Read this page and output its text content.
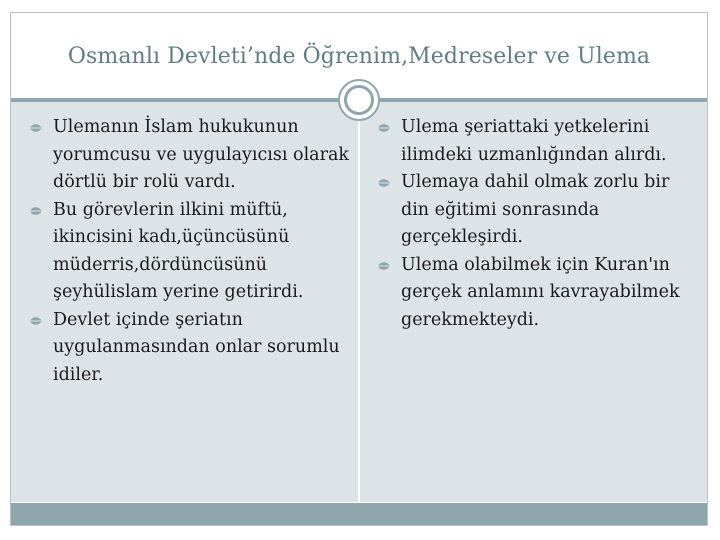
Osmanlı Devleti’nde Öğrenim,Medreseler ve Ulema
Ulemanın İslam hukukunun yorumcusu ve uygulayıcısı olarak dörtlü bir rolü vardı.
Bu görevlerin ilkini müftü, ikincisini kadı,üçüncüsünü müderris,dördüncüsünü şeyhülislam yerine getirirdi.
Devlet içinde şeriatın uygulanmasından onlar sorumlu idiler.
Ulema şeriattaki yetkelerini ilimdeki uzmanlığından alırdı.
Ulemaya dahil olmak zorlu bir din eğitimi sonrasında gerçekleşirdi.
Ulema olabilmek için Kuran'ın gerçek anlamını kavrayabilmek gerekmekteydi.
